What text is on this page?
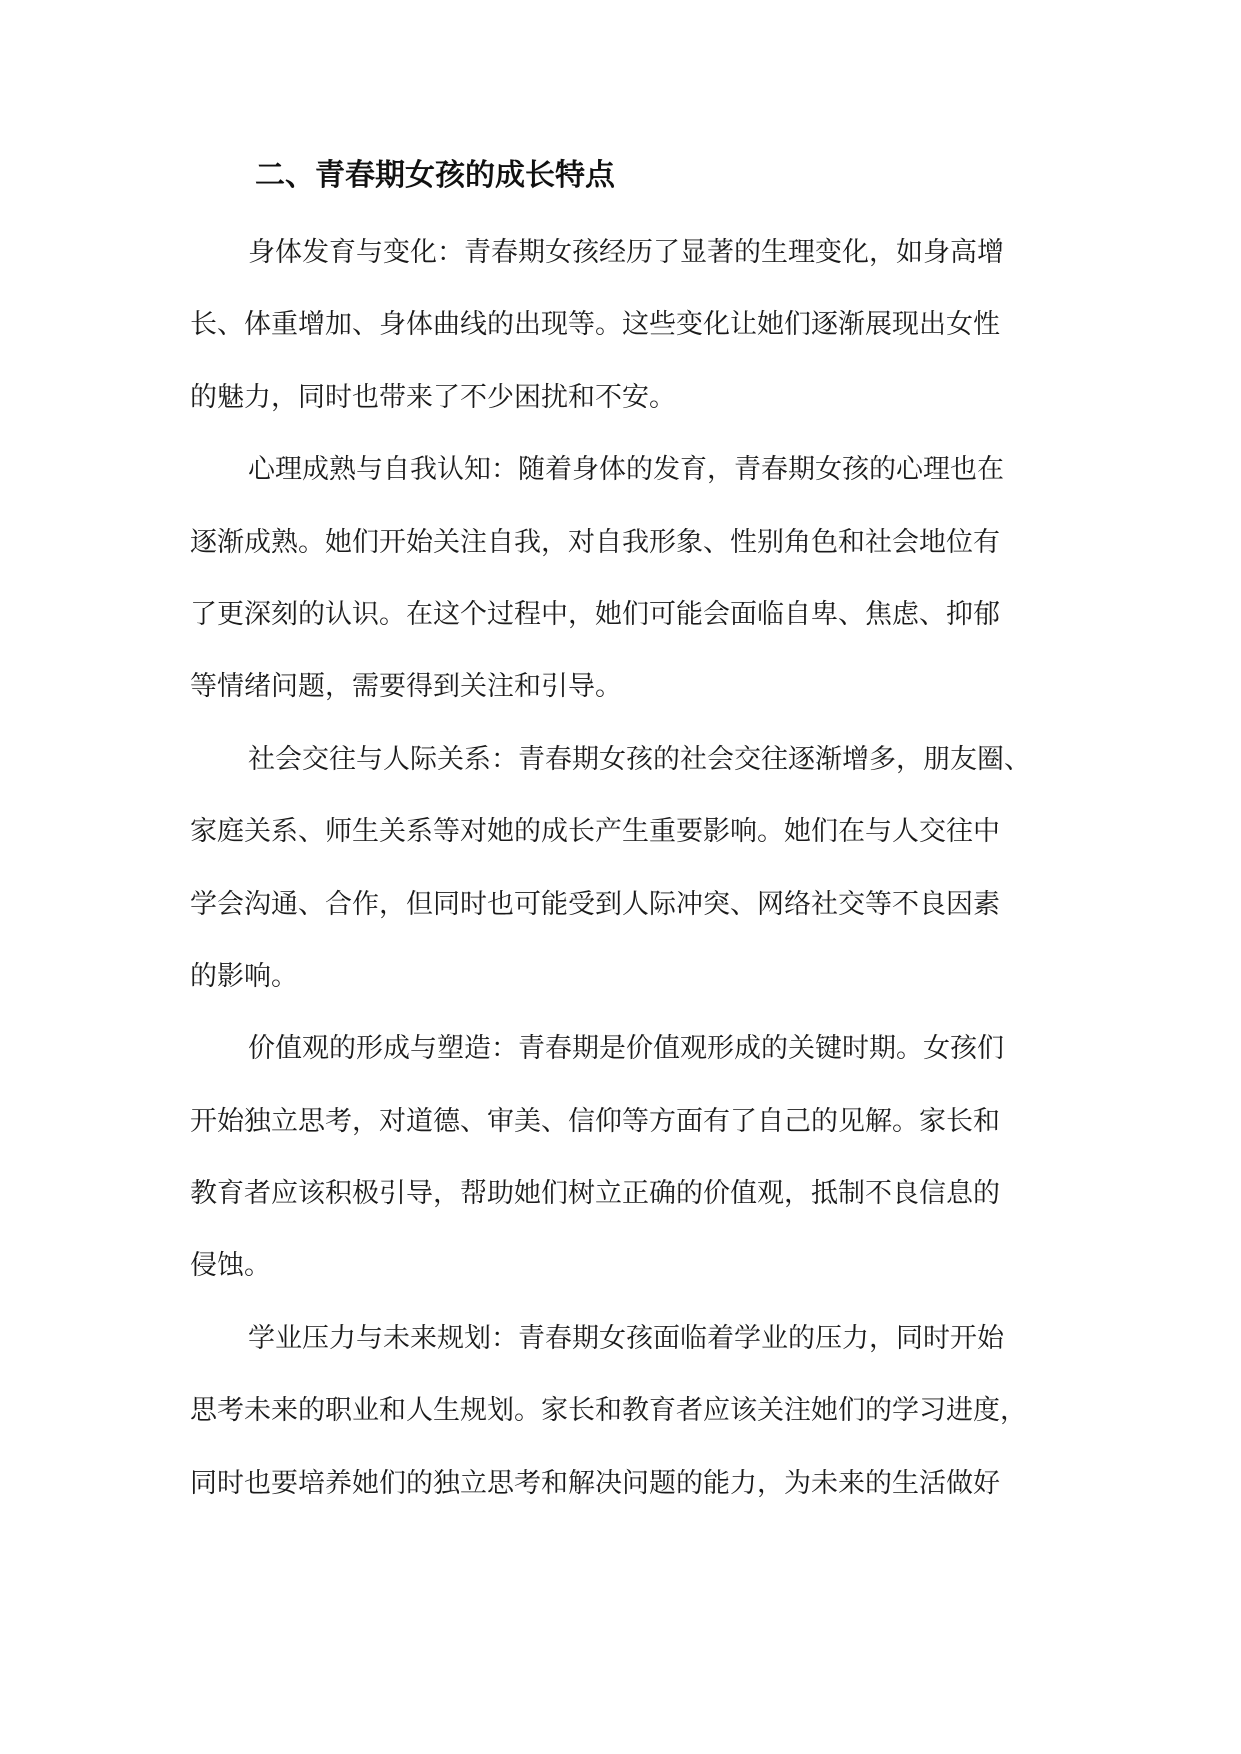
二、青春期女孩的成长特点
身体发育与变化：青春期女孩经历了显著的生理变化，如身高增
长、体重增加、身体曲线的出现等。这些变化让她们逐渐展现出女性
的魅力，同时也带来了不少困扰和不安。
心理成熟与自我认知：随着身体的发育，青春期女孩的心理也在
逐渐成熟。她们开始关注自我，对自我形象、性别角色和社会地位有
了更深刻的认识。在这个过程中，她们可能会面临自卑、焦虑、抑郁
等情绪问题，需要得到关注和引导。
社会交往与人际关系：青春期女孩的社会交往逐渐增多，朋友圈、
家庭关系、师生关系等对她的成长产生重要影响。她们在与人交往中
学会沟通、合作，但同时也可能受到人际冲突、网络社交等不良因素
的影响。
价值观的形成与塑造：青春期是价值观形成的关键时期。女孩们
开始独立思考，对道德、审美、信仰等方面有了自己的见解。家长和
教育者应该积极引导，帮助她们树立正确的价值观，抵制不良信息的
侵蚀。
学业压力与未来规划：青春期女孩面临着学业的压力，同时开始
思考未来的职业和人生规划。家长和教育者应该关注她们的学习进度，
同时也要培养她们的独立思考和解决问题的能力，为未来的生活做好
